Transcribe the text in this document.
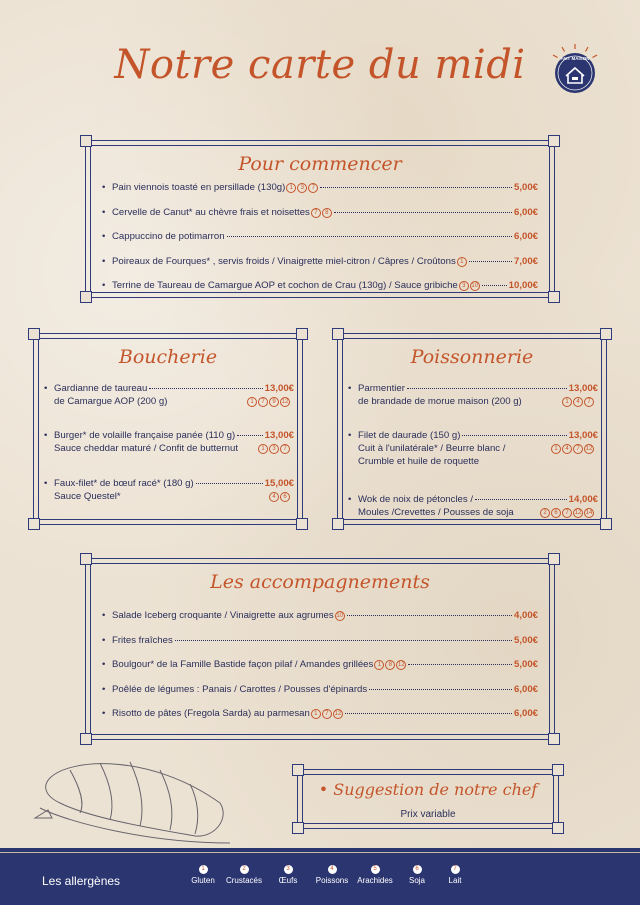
Notre carte du midi	FAIT MAISON
Pour commencer
• Pain viennois toasté en persillade (130g) 1 3 7	5,00€
• Cervelle de Canut* au chèvre frais et noisettes 7 8	6,00€
• Cappuccino de potimarron	6,00€
• Poireaux de Fourques* , servis froids / Vinaigrette miel-citron / Câpres / Croûtons 1	7,00€
• Terrine de Taureau de Camargue AOP et cochon de Crau (130g) / Sauce gribiche 3 10	10,00€
Boucherie
• Gardianne de taureau	13,00€
de Camargue AOP (200 g)	1 7 9 12
• Burger* de volaille française panée (110 g)	13,00€
Sauce cheddar maturé / Confit de butternut	1 3 7
• Faux-filet* de bœuf racé* (180 g)	15,00€
Sauce Questel*	4 6
Poissonnerie
• Parmentier	13,00€
de brandade de morue maison (200 g)	1 4 7
• Filet de daurade (150 g)	13,00€
Cuit à l'unilatérale* / Beurre blanc /
Crumble et huile de roquette
1 4 7 12
• Wok de noix de pétoncles /	14,00€
Moules /Crevettes / Pousses de soja	2 6 7 12 14
Les accompagnements
• Salade Iceberg croquante / Vinaigrette aux agrumes 10	4,00€
• Frites fraîches	5,00€
• Boulgour* de la Famille Bastide façon pilaf / Amandes grillées 1 8 12	5,00€
• Poêlée de légumes : Panais / Carottes / Pousses d'épinards	6,00€
• Risotto de pâtes (Fregola Sarda) au parmesan 1 7 12	6,00€
• Suggestion de notre chef
Prix variable
Les allergènes
1
Gluten
2
Crustacés
3
Œufs
4
Poissons
5
Arachides
6
Soja
7
Lait
